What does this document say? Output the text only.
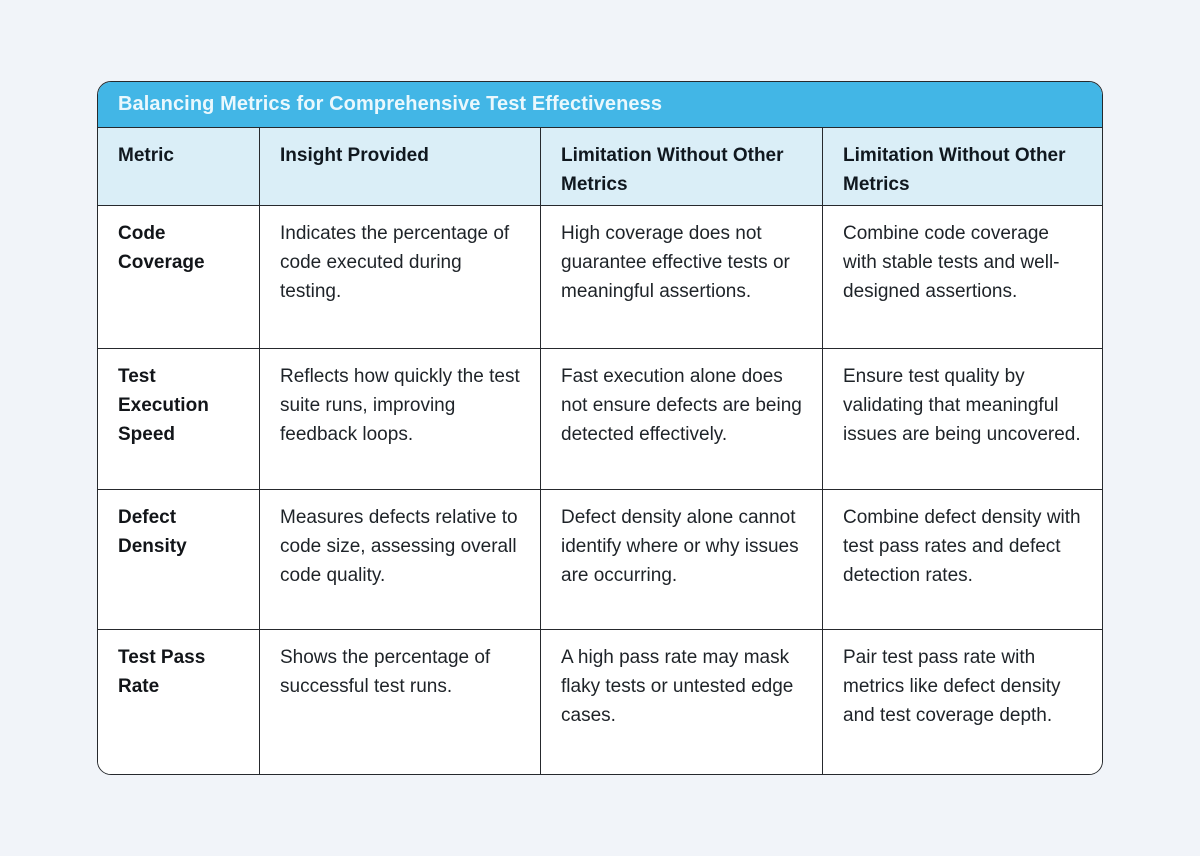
Balancing Metrics for Comprehensive Test Effectiveness
Metric	Insight Provided	Limitation Without Other Metrics
Limitation Without Other Metrics
Code Coverage
Indicates the percentage of code executed during testing.
High coverage does not guarantee effective tests or meaningful assertions.
Combine code coverage with stable tests and well-designed assertions.
Test Execution Speed
Reflects how quickly the test suite runs, improving feedback loops.
Fast execution alone does not ensure defects are being detected effectively.
Ensure test quality by validating that meaningful issues are being uncovered.
Defect Density
Measures defects relative to code size, assessing overall code quality.
Defect density alone cannot identify where or why issues are occurring.
Combine defect density with test pass rates and defect detection rates.
Test Pass Rate
Shows the percentage of successful test runs.
A high pass rate may mask flaky tests or untested edge cases.
Pair test pass rate with metrics like defect density and test coverage depth.
